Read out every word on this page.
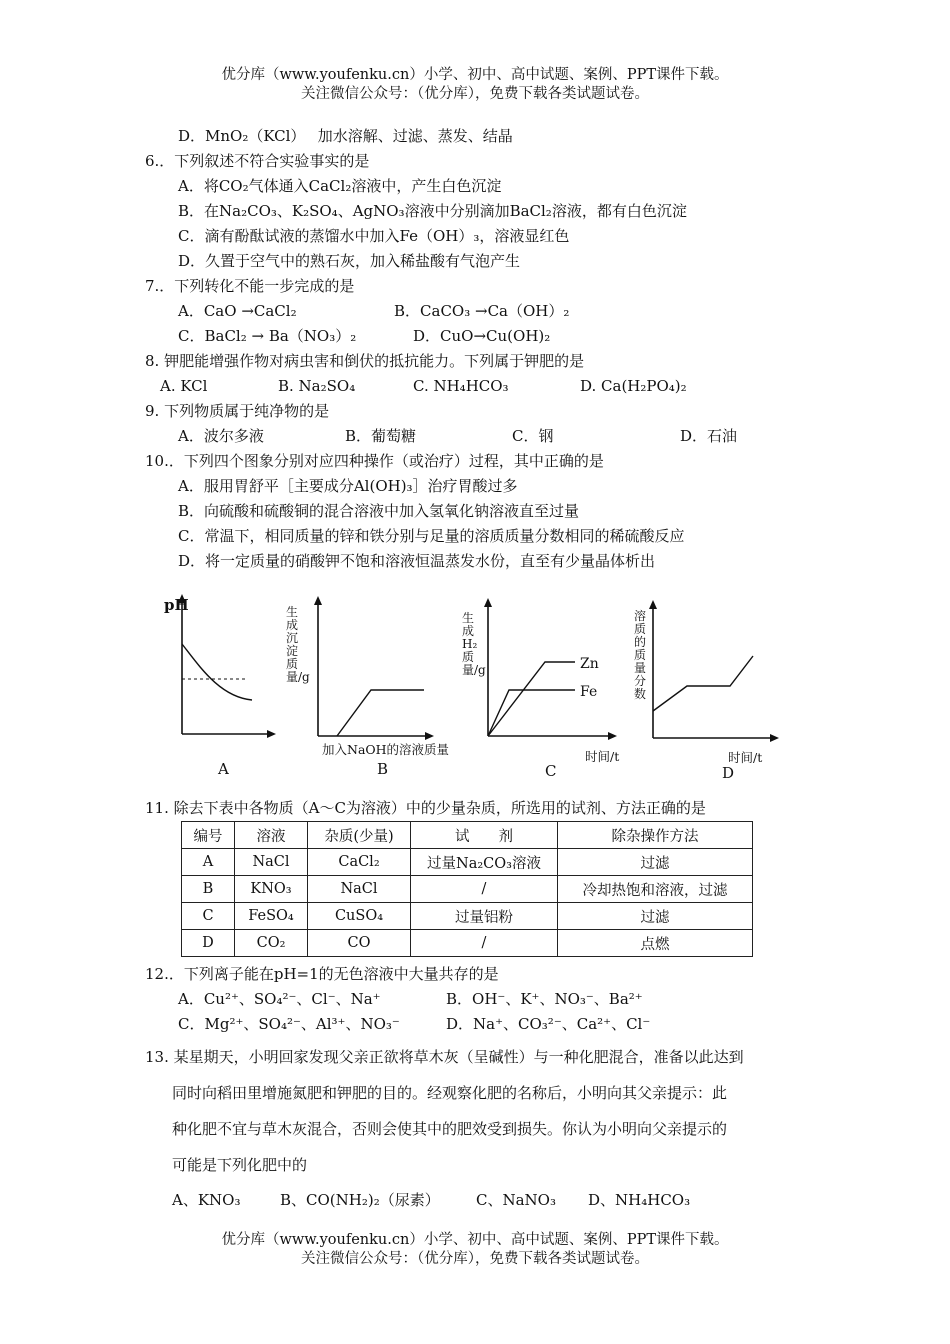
优分库（www.youfenku.cn）小学、初中、高中试题、案例、PPT课件下载。
关注微信公众号：（优分库），免费下载各类试题试卷。
D．MnO₂（KCl）　 加水溶解、过滤、蒸发、结晶
6.．下列叙述不符合实验事实的是
A．将CO₂气体通入CaCl₂溶液中，产生白色沉淀
B．在Na₂CO₃、K₂SO₄、AgNO₃溶液中分别滴加BaCl₂溶液，都有白色沉淀
C．滴有酚酞试液的蒸馏水中加入Fe（OH）₃，溶液显红色
D．久置于空气中的熟石灰，加入稀盐酸有气泡产生
7.．下列转化不能一步完成的是
A．CaO →CaCl₂	B．CaCO₃ →Ca（OH）₂
C．BaCl₂ → Ba（NO₃）₂	D．CuO→Cu(OH)₂
8. 钾肥能增强作物对病虫害和倒伏的抵抗能力。下列属于钾肥的是
A. KCl	B. Na₂SO₄	C. NH₄HCO₃	D. Ca(H₂PO₄)₂
9. 下列物质属于纯净物的是
A．波尔多液	B．葡萄糖	C．钢	D．石油
10.．下列四个图象分别对应四种操作（或治疗）过程，其中正确的是
A．服用胃舒平［主要成分Al(OH)₃］治疗胃酸过多
B．向硫酸和硫酸铜的混合溶液中加入氢氧化钠溶液直至过量
C．常温下，相同质量的锌和铁分别与足量的溶质质量分数相同的稀硫酸反应
D．将一定质量的硝酸钾不饱和溶液恒温蒸发水份，直至有少量晶体析出
pH
A
生成沉淀质量/g
加入NaOH的溶液质量
B
生成H₂质量/g	Zn
Fe
时间/t
C
溶质的质量分数
时间/t
D
11. 除去下表中各物质（A～C为溶液）中的少量杂质，所选用的试剂、方法正确的是
编号	溶液	杂质(少量)	试　　剂	除杂操作方法
A	NaCl	CaCl₂	过量Na₂CO₃溶液	过滤
B	KNO₃	NaCl	/	冷却热饱和溶液，过滤
C	FeSO₄	CuSO₄	过量铝粉	过滤
D	CO₂	CO	/	点燃
12.．下列离子能在pH=1的无色溶液中大量共存的是
A．Cu²⁺、SO₄²⁻、Cl⁻、Na⁺	B．OH⁻、K⁺、NO₃⁻、Ba²⁺
C．Mg²⁺、SO₄²⁻、Al³⁺、NO₃⁻	D．Na⁺、CO₃²⁻、Ca²⁺、Cl⁻
13. 某星期天，小明回家发现父亲正欲将草木灰（呈碱性）与一种化肥混合，准备以此达到
同时向稻田里增施氮肥和钾肥的目的。经观察化肥的名称后，小明向其父亲提示：此
种化肥不宜与草木灰混合，否则会使其中的肥效受到损失。你认为小明向父亲提示的
可能是下列化肥中的
A、KNO₃	B、CO(NH₂)₂（尿素） C、NaNO₃ D、NH₄HCO₃
优分库（www.youfenku.cn）小学、初中、高中试题、案例、PPT课件下载。
关注微信公众号：（优分库），免费下载各类试题试卷。
